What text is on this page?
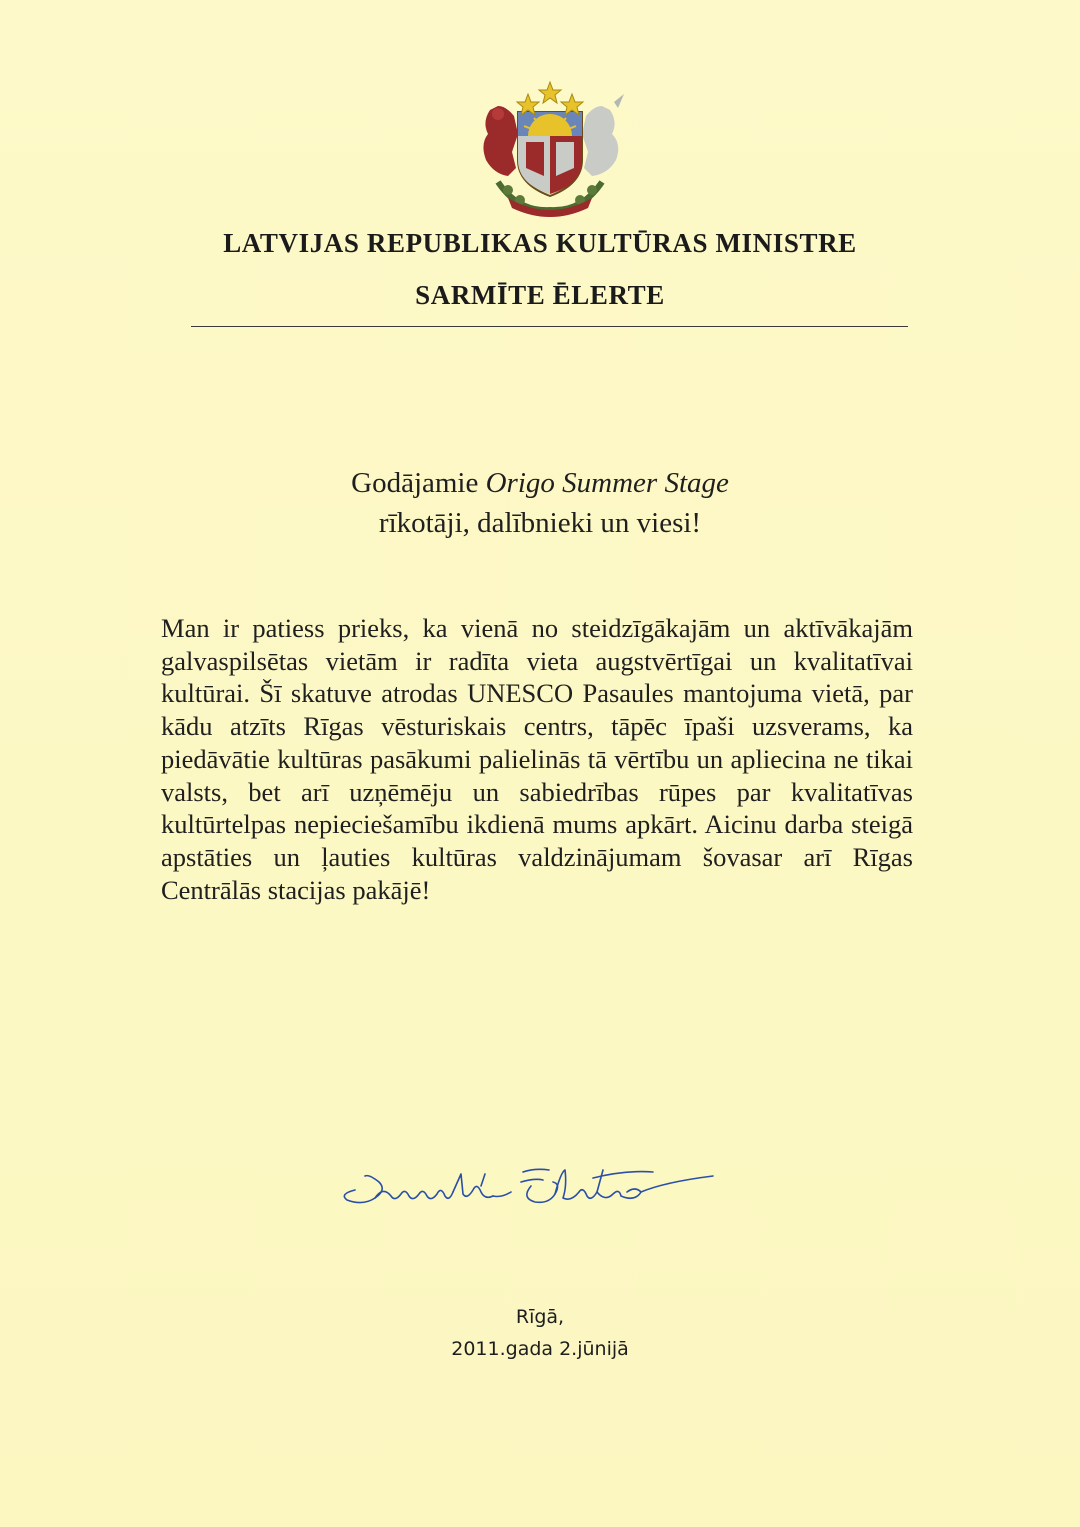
LATVIJAS REPUBLIKAS KULTŪRAS MINISTRE
SARMĪTE ĒLERTE
Godājamie Origo Summer Stage
rīkotāji, dalībnieki un viesi!

Man ir patiess prieks, ka vienā no steidzīgākajām un aktīvākajām galvaspilsētas vietām ir radīta vieta augstvērtīgai un kvalitatīvai kultūrai. Šī skatuve atrodas UNESCO Pasaules mantojuma vietā, par kādu atzīts Rīgas vēsturiskais centrs, tāpēc īpaši uzsverams, ka piedāvātie kultūras pasākumi palielinās tā vērtību un apliecina ne tikai valsts, bet arī uzņēmēju un sabiedrības rūpes par kvalitatīvas kultūrtelpas nepieciešamību ikdienā mums apkārt. Aicinu darba steigā apstāties un ļauties kultūras valdzinājumam šovasar arī Rīgas Centrālās stacijas pakājē!

Rīgā,
2011.gada 2.jūnijā
